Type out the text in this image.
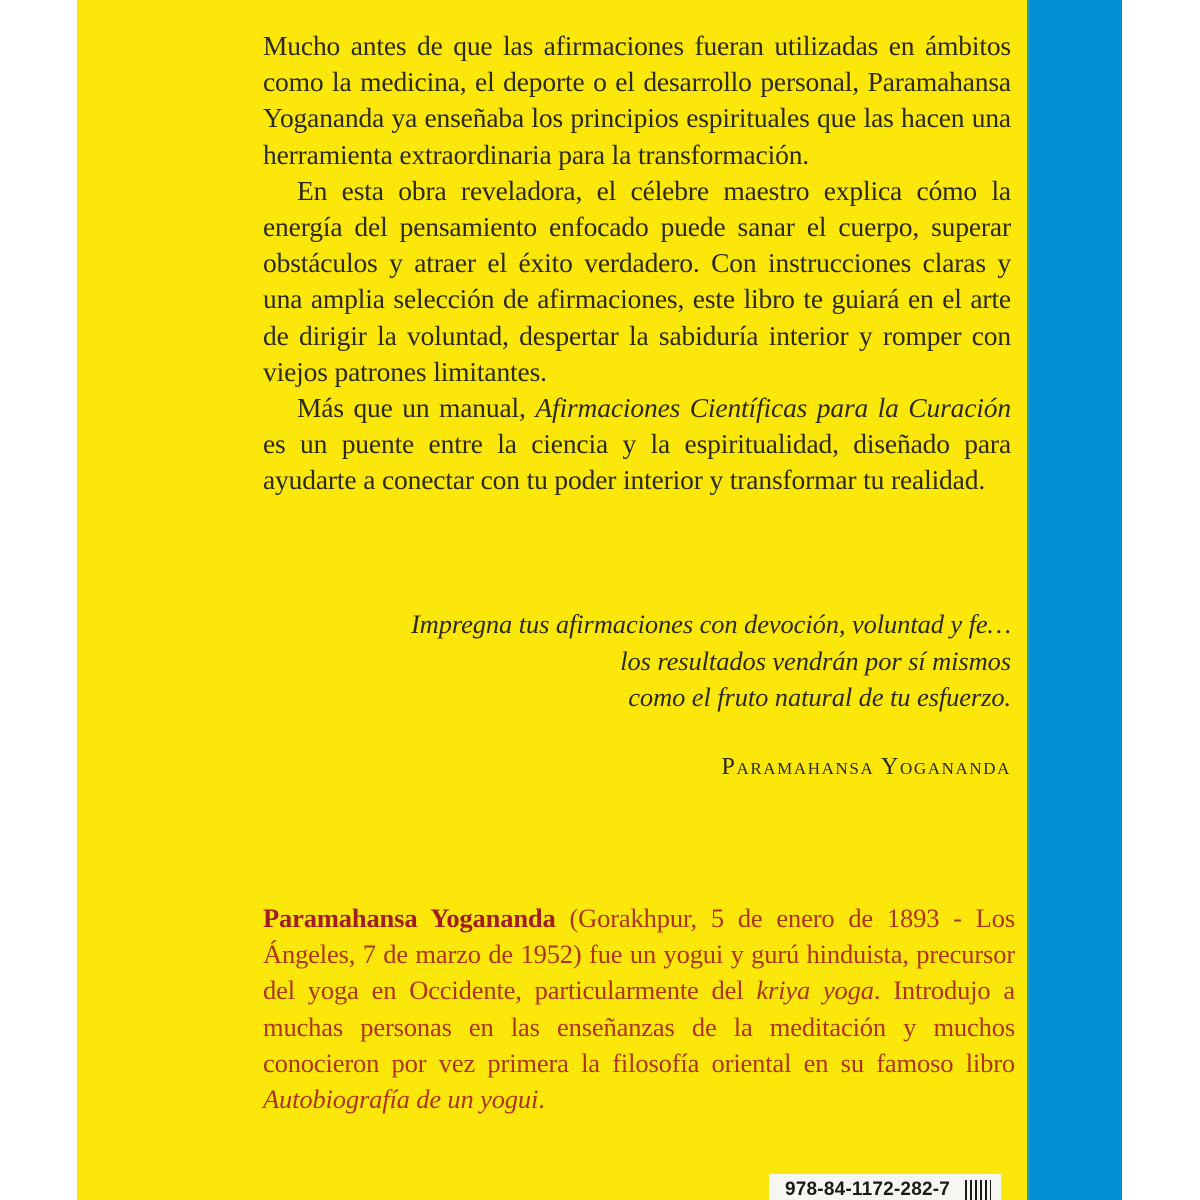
Mucho antes de que las afirmaciones fueran utilizadas en ámbitos como la medicina, el deporte o el desarrollo personal, Paramahansa Yogananda ya enseñaba los principios espirituales que las hacen una herramienta extraordinaria para la transformación.

En esta obra reveladora, el célebre maestro explica cómo la energía del pensamiento enfocado puede sanar el cuerpo, superar obstáculos y atraer el éxito verdadero. Con instrucciones claras y una amplia selección de afirmaciones, este libro te guiará en el arte de dirigir la voluntad, despertar la sabiduría interior y romper con viejos patrones limitantes.

Más que un manual, Afirmaciones Científicas para la Curación es un puente entre la ciencia y la espiritualidad, diseñado para ayudarte a conectar con tu poder interior y transformar tu realidad.

Impregna tus afirmaciones con devoción, voluntad y fe…
los resultados vendrán por sí mismos
como el fruto natural de tu esfuerzo.
Paramahansa Yogananda
Paramahansa Yogananda (Gorakhpur, 5 de enero de 1893 - Los Ángeles, 7 de marzo de 1952) fue un yogui y gurú hinduista, precursor del yoga en Occidente, particularmente del kriya yoga. Introdujo a muchas personas en las enseñanzas de la meditación y muchos conocieron por vez primera la filosofía oriental en su famoso libro Autobiografía de un yogui.
978-84-1172-282-7
